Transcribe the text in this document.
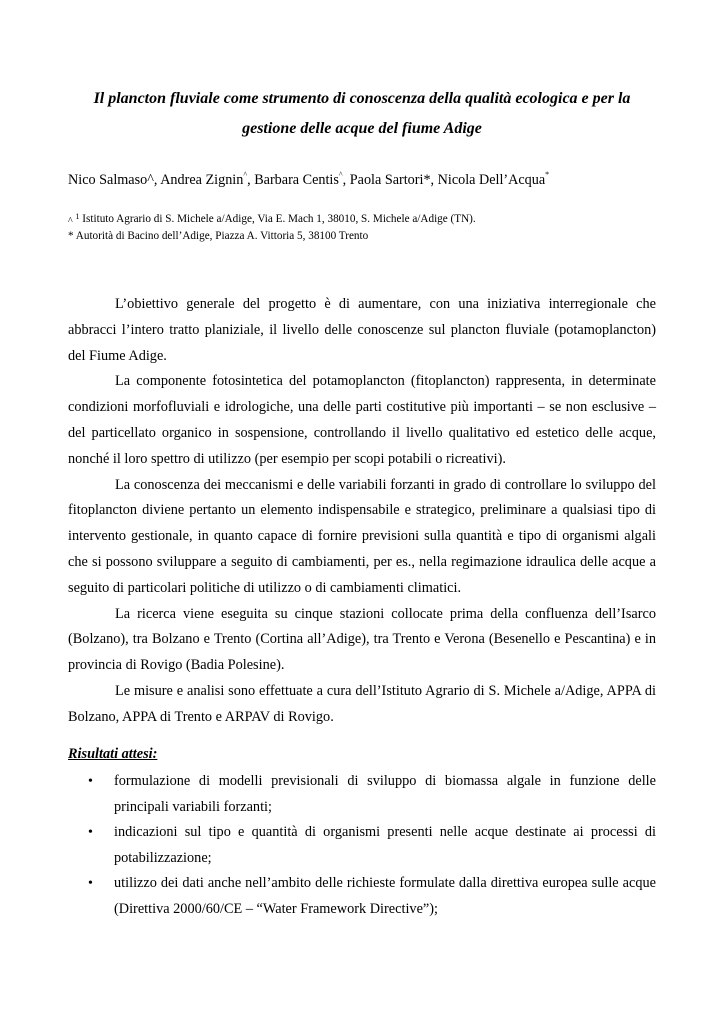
Il plancton fluviale come strumento di conoscenza della qualità ecologica e per la gestione delle acque del fiume Adige
Nico Salmaso^, Andrea Zignin^, Barbara Centis^, Paola Sartori*, Nicola Dell’Acqua*
^ $^1$ Istituto Agrario di S. Michele a/Adige, Via E. Mach 1, 38010, S. Michele a/Adige (TN).
* Autorità di Bacino dell’Adige, Piazza A. Vittoria 5, 38100 Trento

L’obiettivo generale del progetto è di aumentare, con una iniziativa interregionale che abbracci l’intero tratto planiziale, il livello delle conoscenze sul plancton fluviale (potamoplancton) del Fiume Adige.

La componente fotosintetica del potamoplancton (fitoplancton) rappresenta, in determinate condizioni morfofluviali e idrologiche, una delle parti costitutive più importanti – se non esclusive – del particellato organico in sospensione, controllando il livello qualitativo ed estetico delle acque, nonché il loro spettro di utilizzo (per esempio per scopi potabili o ricreativi).

La conoscenza dei meccanismi e delle variabili forzanti in grado di controllare lo sviluppo del fitoplancton diviene pertanto un elemento indispensabile e strategico, preliminare a qualsiasi tipo di intervento gestionale, in quanto capace di fornire previsioni sulla quantità e tipo di organismi algali che si possono sviluppare a seguito di cambiamenti, per es., nella regimazione idraulica delle acque a seguito di particolari politiche di utilizzo o di cambiamenti climatici.

La ricerca viene eseguita su cinque stazioni collocate prima della confluenza dell’Isarco (Bolzano), tra Bolzano e Trento (Cortina all’Adige), tra Trento e Verona (Besenello e Pescantina) e in provincia di Rovigo (Badia Polesine).

Le misure e analisi sono effettuate a cura dell’Istituto Agrario di S. Michele a/Adige, APPA di Bolzano, APPA di Trento e ARPAV di Rovigo.

Risultati attesi:
• formulazione di modelli previsionali di sviluppo di biomassa algale in funzione delle principali variabili forzanti;
• indicazioni sul tipo e quantità di organismi presenti nelle acque destinate ai processi di potabilizzazione;
• utilizzo dei dati anche nell’ambito delle richieste formulate dalla direttiva europea sulle acque (Direttiva 2000/60/CE – “Water Framework Directive”);
